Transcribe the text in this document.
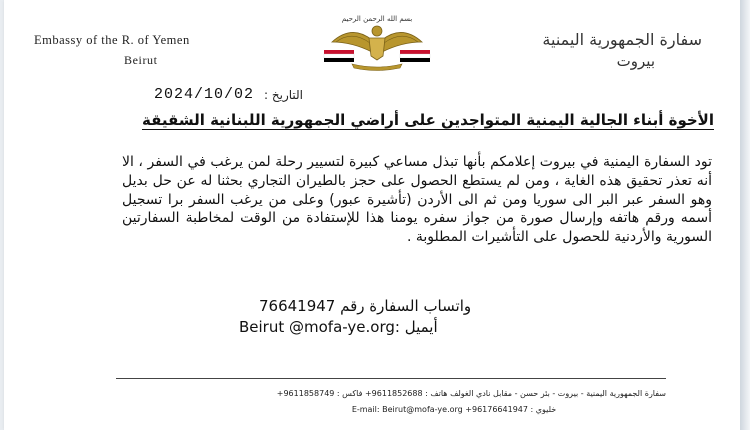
Embassy of the R. of Yemen
Beirut
سفارة الجمهورية اليمنية
بيروت
بسم الله الرحمن الرحيم
التاريخ :
2024/10/02
الأخوة أبناء الجالية اليمنية المتواجدين على أراضي الجمهورية اللبنانية الشقيقة
تود السفارة اليمنية في بيروت إعلامكم بأنها تبذل مساعي كبيرة لتسيير رحلة لمن يرغب في السفر ، الا أنه تعذر تحقيق هذه الغاية ، ومن لم يستطع الحصول على حجز بالطيران التجاري بحثنا له عن حل بديل وهو السفر عبر البر الى سوريا ومن ثم الى الأردن (تأشيرة عبور) وعلى من يرغب السفر برا تسجيل أسمه ورقم هاتفه وإرسال صورة من جواز سفره يومنا هذا للإستفادة من الوقت لمخاطبة السفارتين السورية والأردنية للحصول على التأشيرات المطلوبة .
واتساب السفارة رقم 76641947
Beirut @mofa-ye.org: أيميل
سفارة الجمهورية اليمنية - بيروت - بئر حسن - مقابل نادي الغولف هاتف : 9611852688+ فاكس : 9611858749+
خليوي : 96176641947+ E-mail: Beirut@mofa-ye.org
